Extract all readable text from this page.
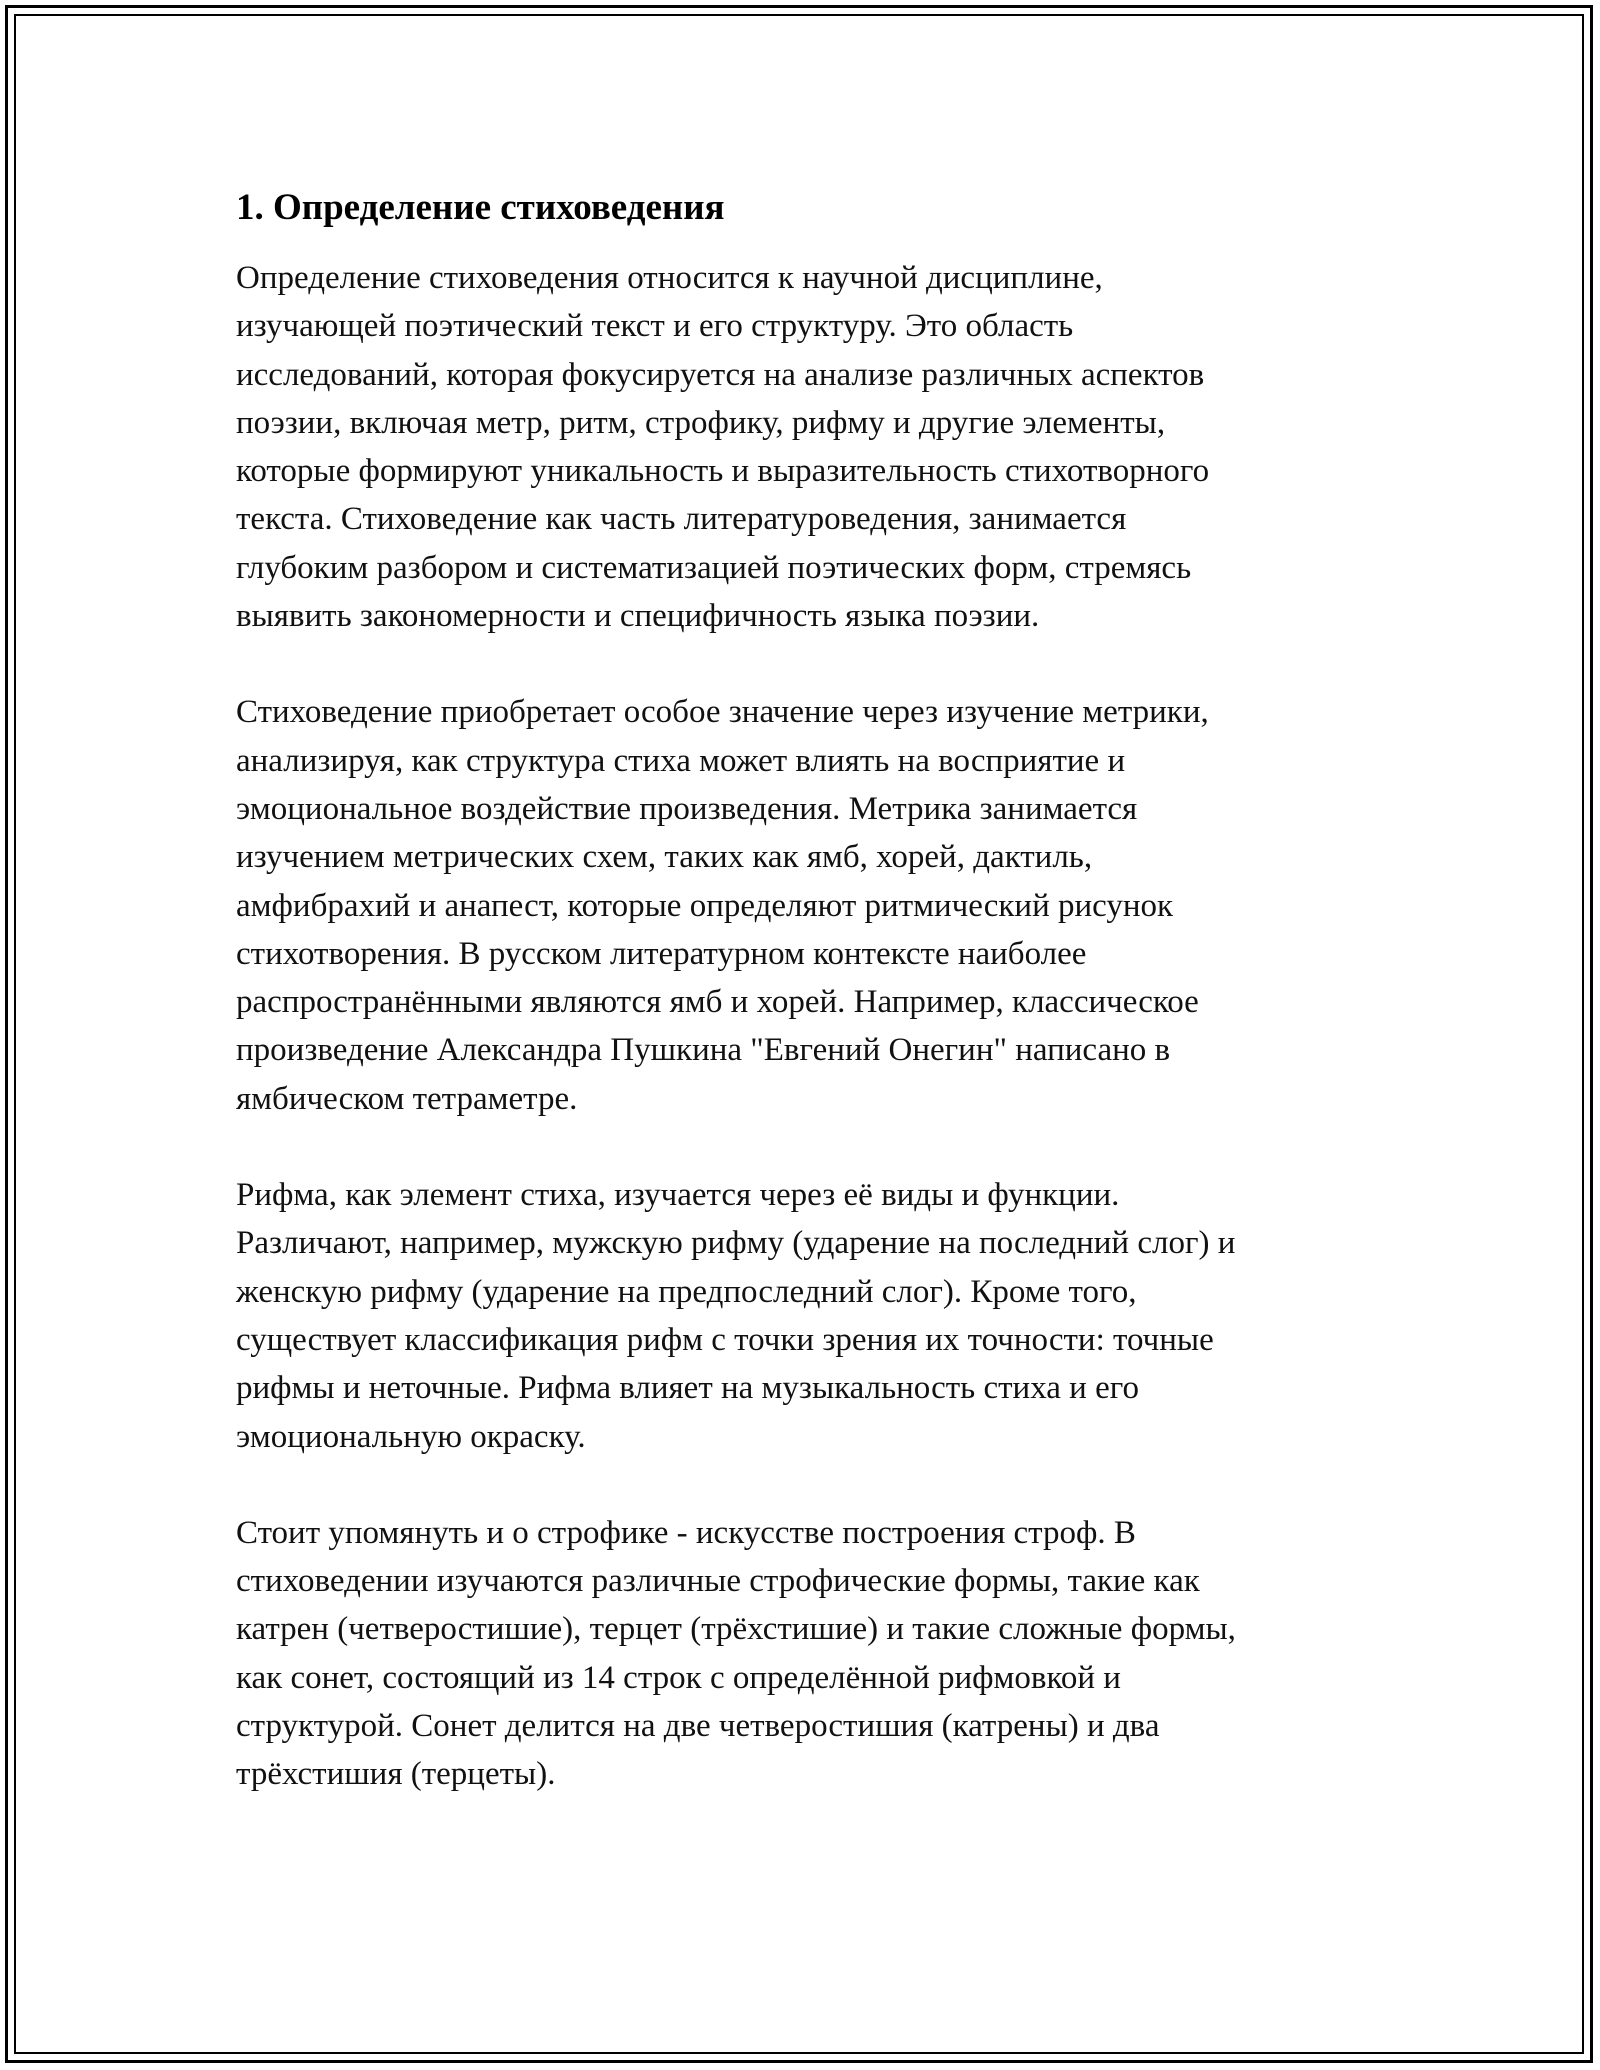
1. Определение стиховедения

Определение стиховедения относится к научной дисциплине,
изучающей поэтический текст и его структуру. Это область
исследований, которая фокусируется на анализе различных аспектов
поэзии, включая метр, ритм, строфику, рифму и другие элементы,
которые формируют уникальность и выразительность стихотворного
текста. Стиховедение как часть литературоведения, занимается
глубоким разбором и систематизацией поэтических форм, стремясь
выявить закономерности и специфичность языка поэзии.

Стиховедение приобретает особое значение через изучение метрики,
анализируя, как структура стиха может влиять на восприятие и
эмоциональное воздействие произведения. Метрика занимается
изучением метрических схем, таких как ямб, хорей, дактиль,
амфибрахий и анапест, которые определяют ритмический рисунок
стихотворения. В русском литературном контексте наиболее
распространёнными являются ямб и хорей. Например, классическое
произведение Александра Пушкина "Евгений Онегин" написано в
ямбическом тетраметре.

Рифма, как элемент стиха, изучается через её виды и функции.
Различают, например, мужскую рифму (ударение на последний слог) и
женскую рифму (ударение на предпоследний слог). Кроме того,
существует классификация рифм с точки зрения их точности: точные
рифмы и неточные. Рифма влияет на музыкальность стиха и его
эмоциональную окраску.

Стоит упомянуть и о строфике - искусстве построения строф. В
стиховедении изучаются различные строфические формы, такие как
катрен (четверостишие), терцет (трёхстишие) и такие сложные формы,
как сонет, состоящий из 14 строк с определённой рифмовкой и
структурой. Сонет делится на две четверостишия (катрены) и два
трёхстишия (терцеты).
